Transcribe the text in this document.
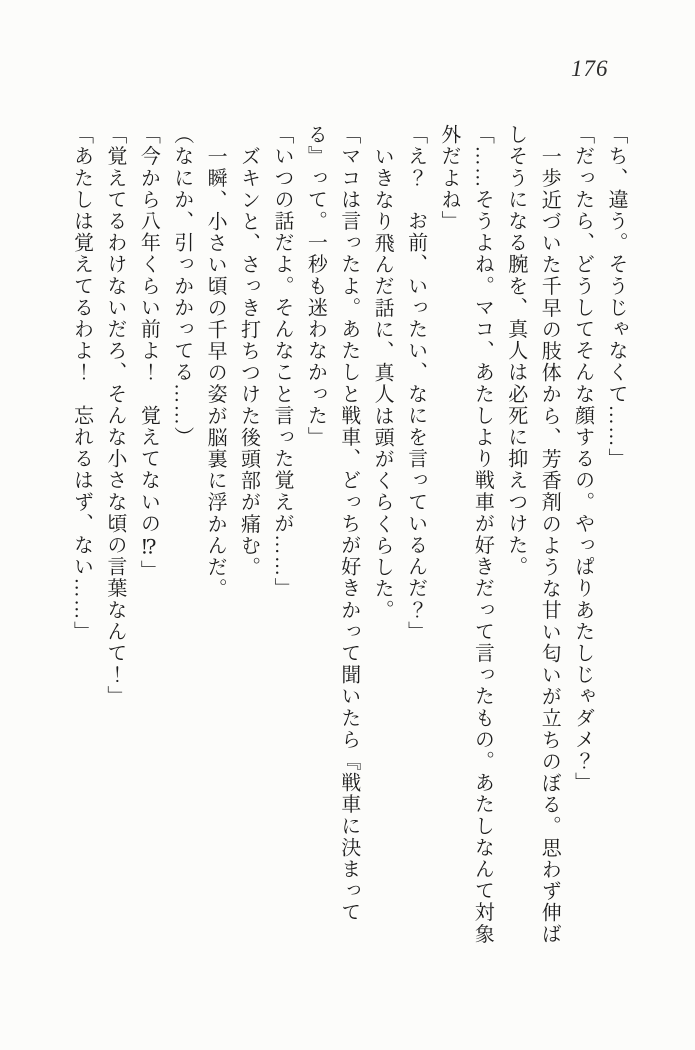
176
「ち、違う。そうじゃなくて……」
「だったら、どうしてそんな顔するの。やっぱりあたしじゃダメ？」
一歩近づいた千早の肢体から、芳香剤のような甘い匂いが立ちのぼる。思わず伸ば
しそうになる腕を、真人は必死に抑えつけた。
「……そうよね。マコ、あたしより戦車が好きだって言ったもの。あたしなんて対象
外だよね」
「え？　お前、いったい、なにを言っているんだ？」
いきなり飛んだ話に、真人は頭がくらくらした。
「マコは言ったよ。あたしと戦車、どっちが好きかって聞いたら『戦車に決まって
る』って。一秒も迷わなかった」
「いつの話だよ。そんなこと言った覚えが……」
ズキンと、さっき打ちつけた後頭部が痛む。
一瞬、小さい頃の千早の姿が脳裏に浮かんだ。
（なにか、引っかかってる……）
「今から八年くらい前よ！　覚えてないの⁉」
「覚えてるわけないだろ、そんな小さな頃の言葉なんて！」
「あたしは覚えてるわよ！　忘れるはず、ない……」
